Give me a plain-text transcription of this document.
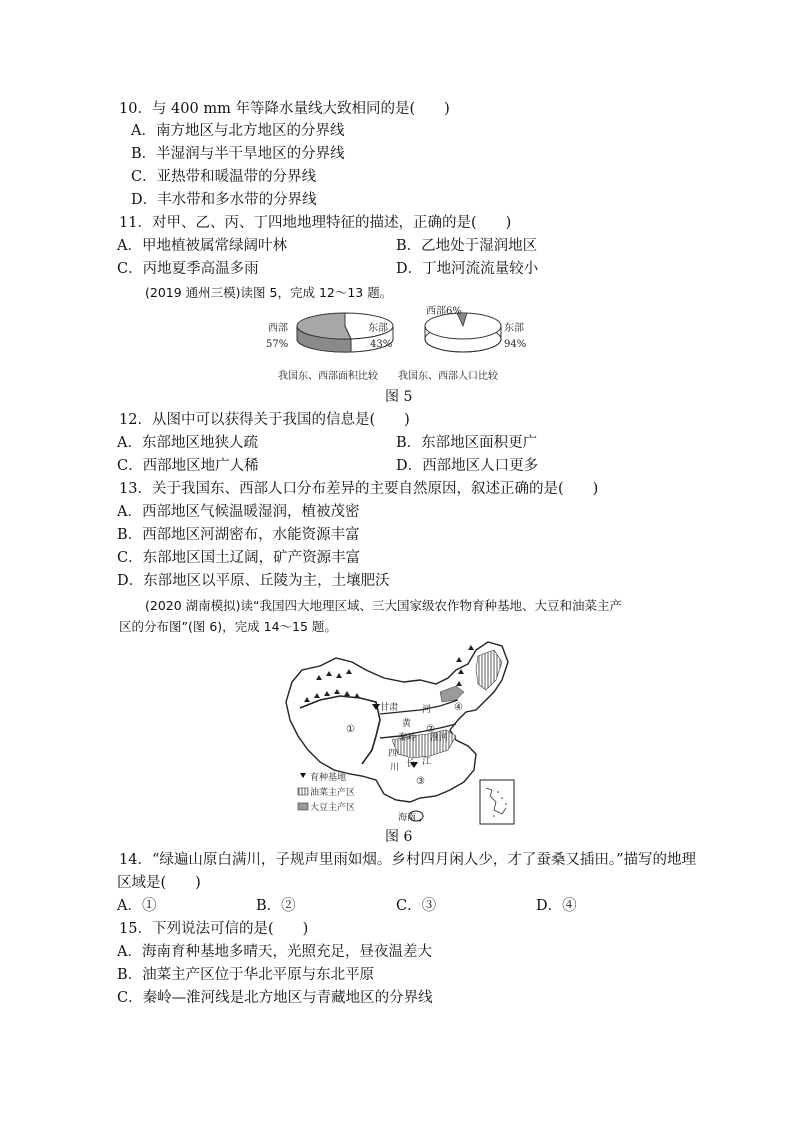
10．与 400 mm 年等降水量线大致相同的是(　　)
A．南方地区与北方地区的分界线
B．半湿润与半干旱地区的分界线
C．亚热带和暖温带的分界线
D．丰水带和多水带的分界线
11．对甲、乙、丙、丁四地地理特征的描述，正确的是(　　)
A．甲地植被属常绿阔叶林	B．乙地处于湿润地区
C．丙地夏季高温多雨	D．丁地河流流量较小
(2019 通州三模)读图 5，完成 12～13 题。
西部
57%
东部
43%
我国东、西部面积比较
西部6%
东部
94%
我国东、西部人口比较
图 5
12．从图中可以获得关于我国的信息是(　　)
A．东部地区地狭人疏	B．东部地区面积更广
C．西部地区地广人稀	D．西部地区人口更多
13．关于我国东、西部人口分布差异的主要自然原因，叙述正确的是(　　)
A．西部地区气候温暖湿润，植被茂密
B．西部地区河湖密布，水能资源丰富
C．东部地区国土辽阔，矿产资源丰富
D．东部地区以平原、丘陵为主，土壤肥沃
(2020 湖南模拟)读“我国四大地理区域、三大国家级农作物育种基地、大豆和油菜主产
区的分布图”(图 6)，完成 14～15 题。
甘肃	河
黄
秦岭 淮河
四
川 长 江
海南
①	②
③
④
育种基地
油菜主产区
大豆主产区
图 6
14．“绿遍山原白满川，子规声里雨如烟。乡村四月闲人少，才了蚕桑又插田。”描写的地理
区域是(　　)
A．①	B．②	C．③	D．④
15．下列说法可信的是(　　)
A．海南育种基地多晴天，光照充足，昼夜温差大
B．油菜主产区位于华北平原与东北平原
C．秦岭—淮河线是北方地区与青藏地区的分界线
